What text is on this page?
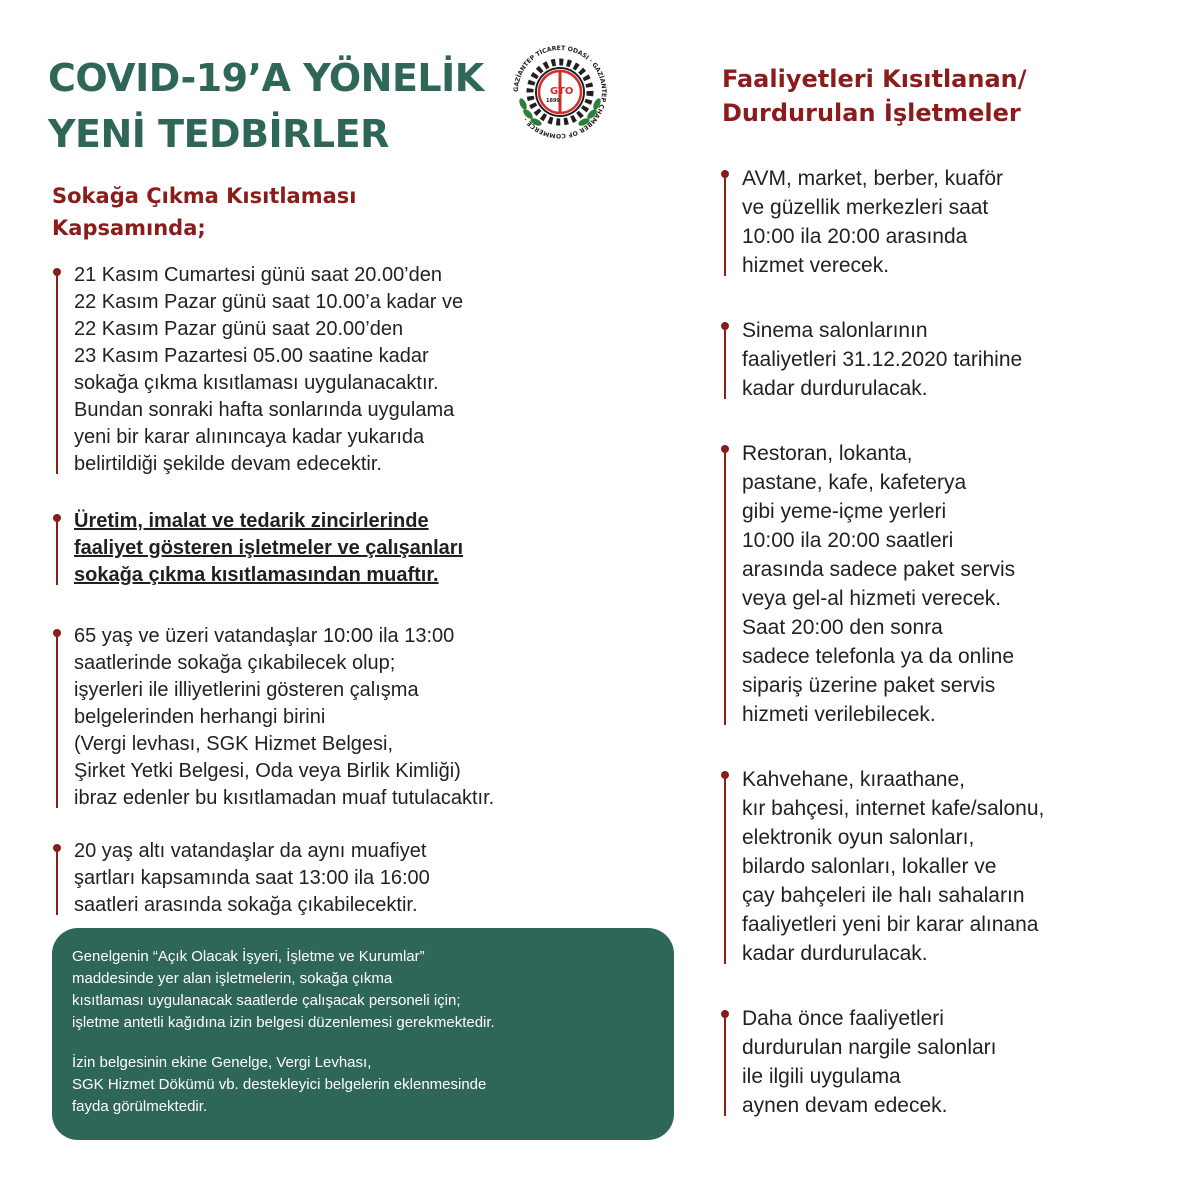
COVID-19’A YÖNELİK
YENİ TEDBİRLER
GAZİANTEP TİCARET ODASI · GAZİANTEP CHAMBER OF COMMERCE ·
GTO
1899
Sokağa Çıkma Kısıtlaması
Kapsamında;
21 Kasım Cumartesi günü saat 20.00’den
22 Kasım Pazar günü saat 10.00’a kadar ve
22 Kasım Pazar günü saat 20.00’den
23 Kasım Pazartesi 05.00 saatine kadar
sokağa çıkma kısıtlaması uygulanacaktır.
Bundan sonraki hafta sonlarında uygulama
yeni bir karar alınıncaya kadar yukarıda
belirtildiği şekilde devam edecektir.
Üretim, imalat ve tedarik zincirlerinde
faaliyet gösteren işletmeler ve çalışanları
sokağa çıkma kısıtlamasından muaftır.
65 yaş ve üzeri vatandaşlar 10:00 ila 13:00
saatlerinde sokağa çıkabilecek olup;
işyerleri ile illiyetlerini gösteren çalışma
belgelerinden herhangi birini
(Vergi levhası, SGK Hizmet Belgesi,
Şirket Yetki Belgesi, Oda veya Birlik Kimliği)
ibraz edenler bu kısıtlamadan muaf tutulacaktır.
20 yaş altı vatandaşlar da aynı muafiyet
şartları kapsamında saat 13:00 ila 16:00
saatleri arasında sokağa çıkabilecektir.

Genelgenin “Açık Olacak İşyeri, İşletme ve Kurumlar”
maddesinde yer alan işletmelerin, sokağa çıkma
kısıtlaması uygulanacak saatlerde çalışacak personeli için;
işletme antetli kağıdına izin belgesi düzenlemesi gerekmektedir.

İzin belgesinin ekine Genelge, Vergi Levhası,
SGK Hizmet Dökümü vb. destekleyici belgelerin eklenmesinde
fayda görülmektedir.

Faaliyetleri Kısıtlanan/
Durdurulan İşletmeler
AVM, market, berber, kuaför
ve güzellik merkezleri saat
10:00 ila 20:00 arasında
hizmet verecek.
Sinema salonlarının
faaliyetleri 31.12.2020 tarihine
kadar durdurulacak.
Restoran, lokanta,
pastane, kafe, kafeterya
gibi yeme-içme yerleri
10:00 ila 20:00 saatleri
arasında sadece paket servis
veya gel-al hizmeti verecek.
Saat 20:00 den sonra
sadece telefonla ya da online
sipariş üzerine paket servis
hizmeti verilebilecek.
Kahvehane, kıraathane,
kır bahçesi, internet kafe/salonu,
elektronik oyun salonları,
bilardo salonları, lokaller ve
çay bahçeleri ile halı sahaların
faaliyetleri yeni bir karar alınana
kadar durdurulacak.
Daha önce faaliyetleri
durdurulan nargile salonları
ile ilgili uygulama
aynen devam edecek.
